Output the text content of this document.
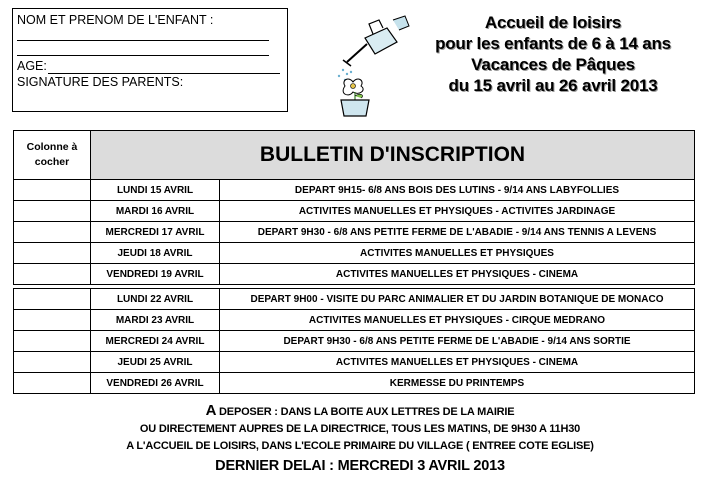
NOM ET PRENOM DE L'ENFANT :
AGE:
SIGNATURE DES PARENTS:
Accueil de loisirs
pour les enfants de 6 à 14 ans
Vacances de Pâques
du 15 avril au 26 avril 2013
Colonne à cocher	BULLETIN D'INSCRIPTION	
	LUNDI 15 AVRIL	DEPART 9H15- 6/8 ANS BOIS DES LUTINS - 9/14 ANS LABYFOLLIES
	MARDI 16 AVRIL	ACTIVITES MANUELLES ET PHYSIQUES - ACTIVITES JARDINAGE
	MERCREDI 17 AVRIL	DEPART 9H30 - 6/8 ANS PETITE FERME DE L'ABADIE - 9/14 ANS TENNIS A LEVENS
	JEUDI 18 AVRIL	ACTIVITES MANUELLES ET PHYSIQUES
	VENDREDI 19 AVRIL	ACTIVITES MANUELLES ET PHYSIQUES - CINEMA
	LUNDI 22 AVRIL	DEPART 9H00 - VISITE DU PARC ANIMALIER ET DU JARDIN BOTANIQUE DE MONACO
	MARDI 23 AVRIL	ACTIVITES MANUELLES ET PHYSIQUES - CIRQUE MEDRANO
	MERCREDI 24 AVRIL	DEPART 9H30 - 6/8 ANS PETITE FERME DE L'ABADIE - 9/14 ANS SORTIE
	JEUDI 25 AVRIL	ACTIVITES MANUELLES ET PHYSIQUES - CINEMA
	VENDREDI 26 AVRIL	KERMESSE DU PRINTEMPS
A DEPOSER : DANS LA BOITE AUX LETTRES DE LA MAIRIE
OU DIRECTEMENT AUPRES DE LA DIRECTRICE, TOUS LES MATINS, DE 9H30 A 11H30
A L'ACCUEIL DE LOISIRS, DANS L'ECOLE PRIMAIRE DU VILLAGE ( ENTREE COTE EGLISE)
DERNIER DELAI : MERCREDI 3 AVRIL 2013
